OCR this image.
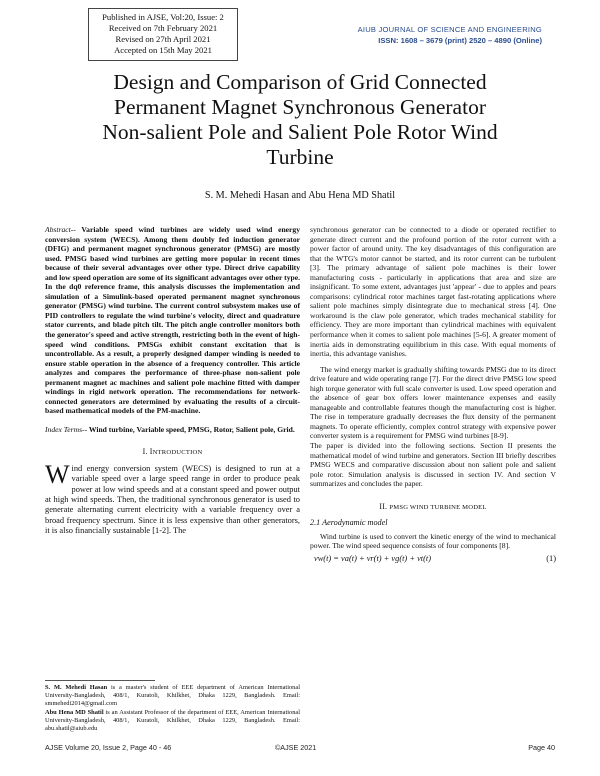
Published in AJSE, Vol:20, Issue: 2
Received on 7th February 2021
Revised on 27th April 2021
Accepted on 15th May 2021
AIUB JOURNAL OF SCIENCE AND ENGINEERING
ISSN: 1608 – 3679 (print) 2520 – 4890 (Online)
Design and Comparison of Grid Connected
Permanent Magnet Synchronous Generator
Non-salient Pole and Salient Pole Rotor Wind
Turbine
S. M. Mehedi Hasan and Abu Hena MD Shatil

Abstract-- Variable speed wind turbines are widely used wind energy conversion system (WECS). Among them doubly fed induction generator (DFIG) and permanent magnet synchronous generator (PMSG) are mostly used. PMSG based wind turbines are getting more popular in recent times because of their several advantages over other type. Direct drive capability and low speed operation are some of its significant advantages over other type. In the dq0 reference frame, this analysis discusses the implementation and simulation of a Simulink-based operated permanent magnet synchronous generator (PMSG) wind turbine. The current control subsystem makes use of PID controllers to regulate the wind turbine's velocity, direct and quadrature stator currents, and blade pitch tilt. The pitch angle controller monitors both the generator's speed and active strength, restricting both in the event of high-speed wind conditions. PMSGs exhibit constant excitation that is uncontrollable. As a result, a properly designed damper winding is needed to ensure stable operation in the absence of a frequency controller. This article analyzes and compares the performance of three-phase non-salient pole permanent magnet ac machines and salient pole machine fitted with damper windings in rigid network operation. The recommendations for network-connected generators are determined by evaluating the results of a circuit-based mathematical models of the PM-machine.

Index Terms-- Wind turbine, Variable speed, PMSG, Rotor, Salient pole, Grid.

I. INTRODUCTION

Wind energy conversion system (WECS) is designed to run at a variable speed over a large speed range in order to produce peak power at low wind speeds and at a constant speed and power output at high wind speeds. Then, the traditional synchronous generator is used to generate alternating current electricity with a variable frequency over a broad frequency spectrum. Since it is less expensive than other generators, it is also financially sustainable [1-2]. The

synchronous generator can be connected to a diode or operated rectifier to generate direct current and the profound portion of the rotor current with a power factor of around unity. The key disadvantages of this configuration are that the WTG's motor cannot be started, and its rotor current can be turbulent [3]. The primary advantage of salient pole machines is their lower manufacturing costs - particularly in applications that area and size are insignificant. To some extent, advantages just 'appear' - due to apples and pears comparisons: cylindrical rotor machines target fast-rotating applications where salient pole machines simply disintegrate due to mechanical stress [4]. One workaround is the claw pole generator, which trades mechanical stability for efficiency. They are more important than cylindrical machines with equivalent performance when it comes to salient pole machines [5-6]. A greater moment of inertia aids in demonstrating equilibrium in this case. With equal moments of inertia, this advantage vanishes.

The wind energy market is gradually shifting towards PMSG due to its direct drive feature and wide operating range [7]. For the direct drive PMSG low speed high torque generator with full scale converter is used. Low speed operation and the absence of gear box offers lower maintenance expenses and easily manageable and controllable features though the manufacturing cost is higher. The rise in temperature gradually decreases the flux density of the permanent magnets. To operate efficiently, complex control strategy with expensive power converter system is a requirement for PMSG wind turbines [8-9].

The paper is divided into the following sections. Section II presents the mathematical model of wind turbine and generators. Section III briefly describes PMSG WECS and comparative discussion about non salient pole and salient pole rotor. Simulation analysis is discussed in section IV. And section V summarizes and concludes the paper.

II. PMSG WIND TURBINE MODEL

2.1 Aerodynamic model

Wind turbine is used to convert the kinetic energy of the wind to mechanical power. The wind speed sequence consists of four components [8].

vw(t) = va(t) + vr(t) + vg(t) + vt(t)	(1)

S. M. Mehedi Hasan is a master's student of EEE department of American International University-Bangladesh, 408/1, Kuratoli, Khilkhet, Dhaka 1229, Bangladesh. Email: smmehedi2014@gmail.com

Abu Hena MD Shatil is an Assistant Professor of the department of EEE, American International University-Bangladesh, 408/1, Kuratoli, Khilkhet, Dhaka 1229, Bangladesh. Email: abu.shatil@aiub.edu

AJSE Volume 20, Issue 2, Page 40 - 46	©AJSE 2021	Page 40
